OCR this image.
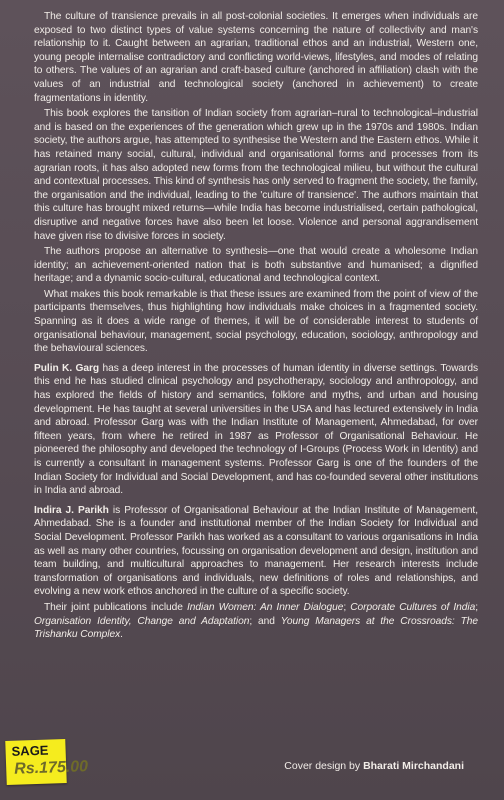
The culture of transience prevails in all post-colonial societies. It emerges when individuals are exposed to two distinct types of value systems concerning the nature of collectivity and man's relationship to it. Caught between an agrarian, traditional ethos and an industrial, Western one, young people internalise contradictory and conflicting world-views, lifestyles, and modes of relating to others. The values of an agrarian and craft-based culture (anchored in affiliation) clash with the values of an industrial and technological society (anchored in achievement) to create fragmentations in identity.

This book explores the tansition of Indian society from agrarian–rural to technological–industrial and is based on the experiences of the generation which grew up in the 1970s and 1980s. Indian society, the authors argue, has attempted to synthesise the Western and the Eastern ethos. While it has retained many social, cultural, individual and organisational forms and processes from its agrarian roots, it has also adopted new forms from the technological milieu, but without the cultural and contextual processes. This kind of synthesis has only served to fragment the society, the family, the organisation and the individual, leading to the 'culture of transience'. The authors maintain that this culture has brought mixed returns—while India has become industrialised, certain pathological, disruptive and negative forces have also been let loose. Violence and personal aggrandisement have given rise to divisive forces in society.

The authors propose an alternative to synthesis—one that would create a wholesome Indian identity; an achievement-oriented nation that is both substantive and humanised; a dignified heritage; and a dynamic socio-cultural, educational and technological context.

What makes this book remarkable is that these issues are examined from the point of view of the participants themselves, thus highlighting how individuals make choices in a fragmented society. Spanning as it does a wide range of themes, it will be of considerable interest to students of organisational behaviour, management, social psychology, education, sociology, anthropology and the behavioural sciences.

Pulin K. Garg has a deep interest in the processes of human identity in diverse settings. Towards this end he has studied clinical psychology and psychotherapy, sociology and anthropology, and has explored the fields of history and semantics, folklore and myths, and urban and housing development. He has taught at several universities in the USA and has lectured extensively in India and abroad. Professor Garg was with the Indian Institute of Management, Ahmedabad, for over fifteen years, from where he retired in 1987 as Professor of Organisational Behaviour. He pioneered the philosophy and developed the technology of I-Groups (Process Work in Identity) and is currently a consultant in management systems. Professor Garg is one of the founders of the Indian Society for Individual and Social Development, and has co-founded several other institutions in India and abroad.

Indira J. Parikh is Professor of Organisational Behaviour at the Indian Institute of Management, Ahmedabad. She is a founder and institutional member of the Indian Society for Individual and Social Development. Professor Parikh has worked as a consultant to various organisations in India as well as many other countries, focussing on organisation development and design, institution and team building, and multicultural approaches to management. Her research interests include transformation of organisations and individuals, new definitions of roles and relationships, and evolving a new work ethos anchored in the culture of a specific society.

Their joint publications include Indian Women: An Inner Dialogue; Corporate Cultures of India; Organisation Identity, Change and Adaptation; and Young Managers at the Crossroads: The Trishanku Complex.

SAGE
Rs.175.00	Cover design by Bharati Mirchandani
